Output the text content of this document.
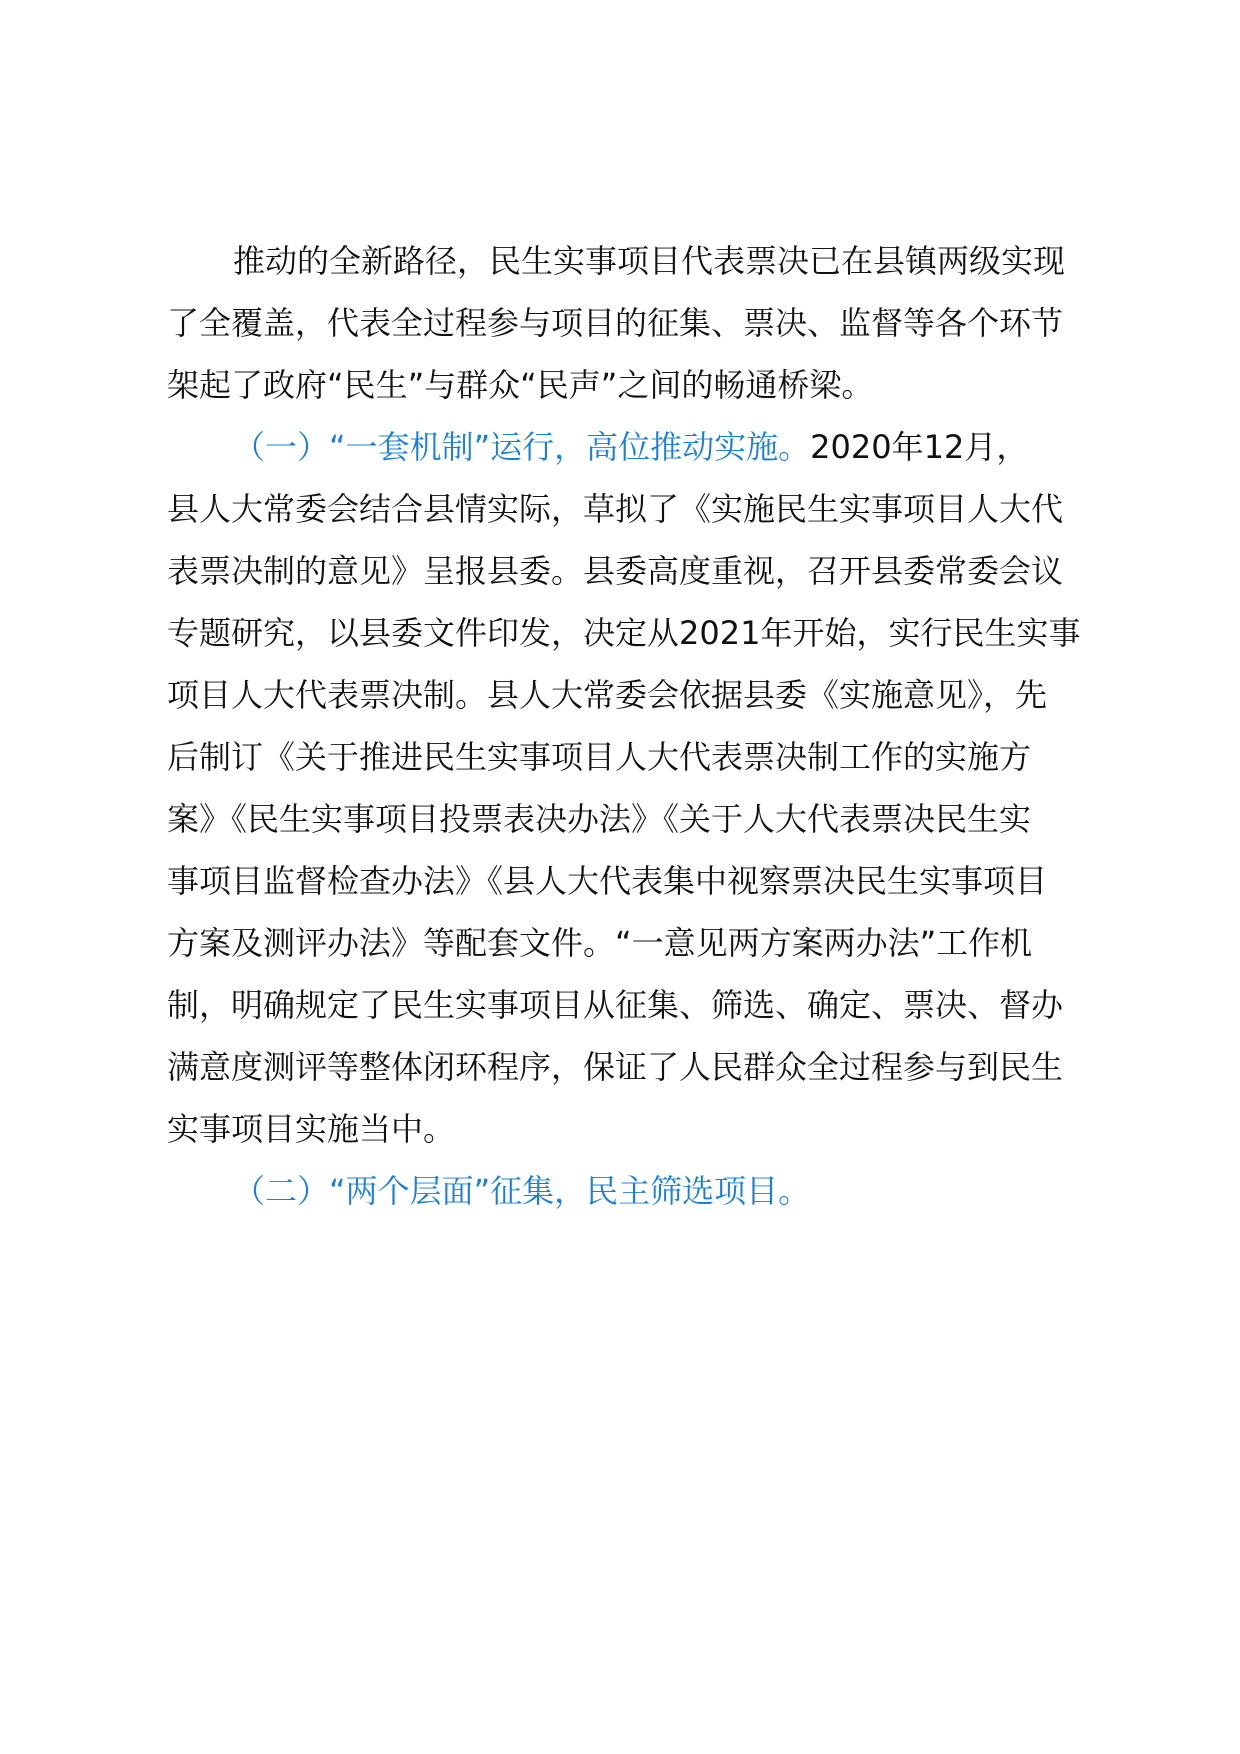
推动的全新路径，民生实事项目代表票决已在县镇两级实现
了全覆盖，代表全过程参与项目的征集、票决、监督等各个环节
架起了政府“民生”与群众“民声”之间的畅通桥梁。
（一）“一套机制”运行，高位推动实施。2020年12月，
县人大常委会结合县情实际，草拟了《实施民生实事项目人大代
表票决制的意见》呈报县委。县委高度重视，召开县委常委会议
专题研究，以县委文件印发，决定从2021年开始，实行民生实事
项目人大代表票决制。县人大常委会依据县委《实施意见》，先
后制订《关于推进民生实事项目人大代表票决制工作的实施方
案》《民生实事项目投票表决办法》《关于人大代表票决民生实
事项目监督检查办法》《县人大代表集中视察票决民生实事项目
方案及测评办法》等配套文件。“一意见两方案两办法”工作机
制，明确规定了民生实事项目从征集、筛选、确定、票决、督办
满意度测评等整体闭环程序，保证了人民群众全过程参与到民生
实事项目实施当中。
（二）“两个层面”征集，民主筛选项目。
